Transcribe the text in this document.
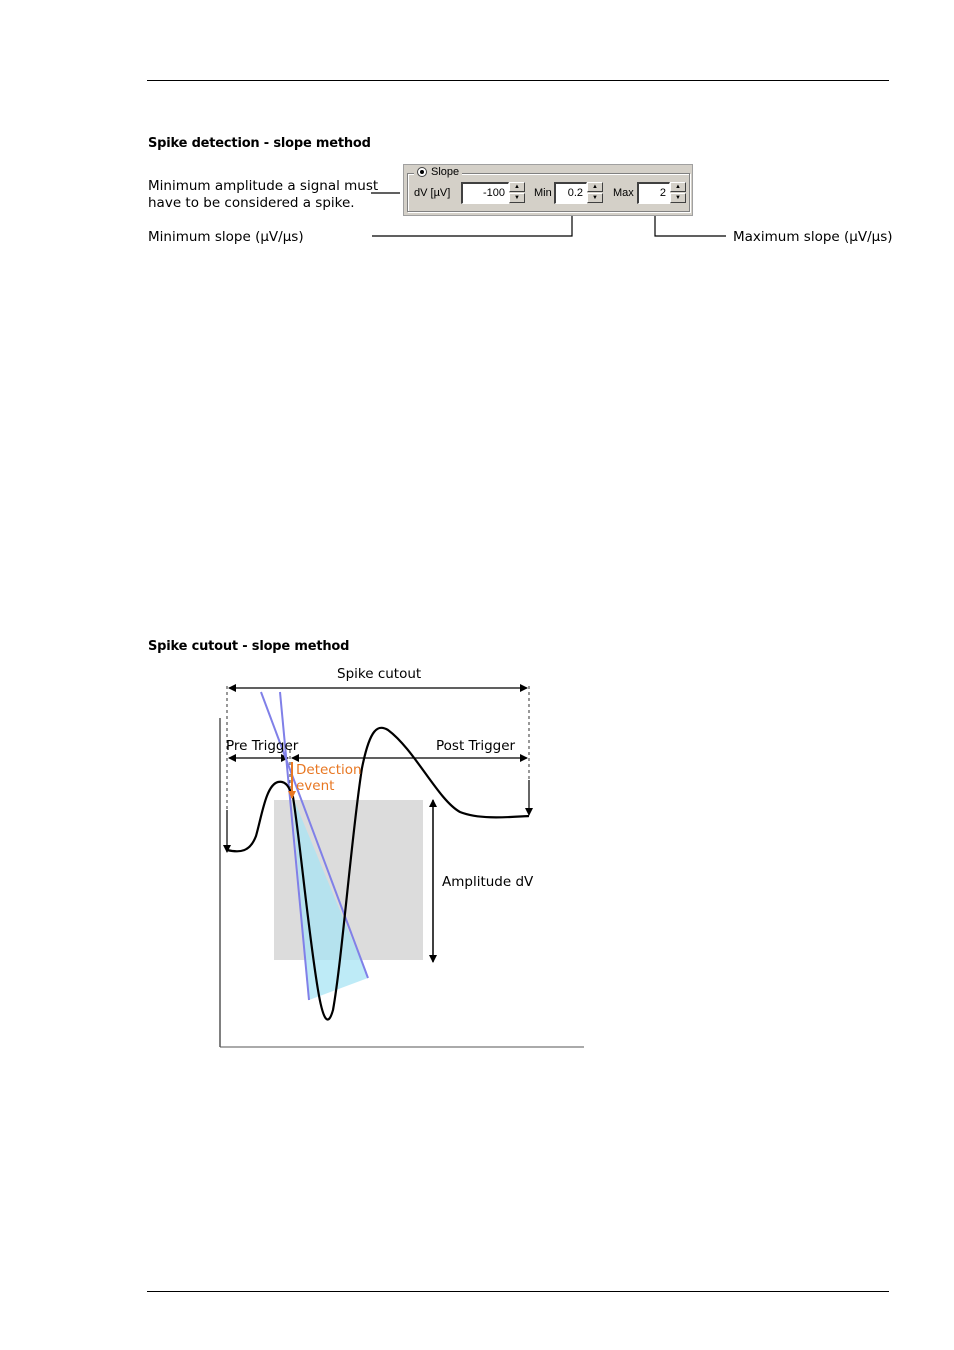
Spike detection - slope method
Minimum amplitude a signal must
have to be considered a spike.
Minimum slope (µV/µs)	Maximum slope (µV/µs)
Slope
dV [µV]	-100	▲
▼	Min	0.2	▲
▼	Max	2	▲
▼
Spike cutout - slope method
Spike cutout
Pre Trigger	Post Trigger
Detection
event
Amplitude dV
